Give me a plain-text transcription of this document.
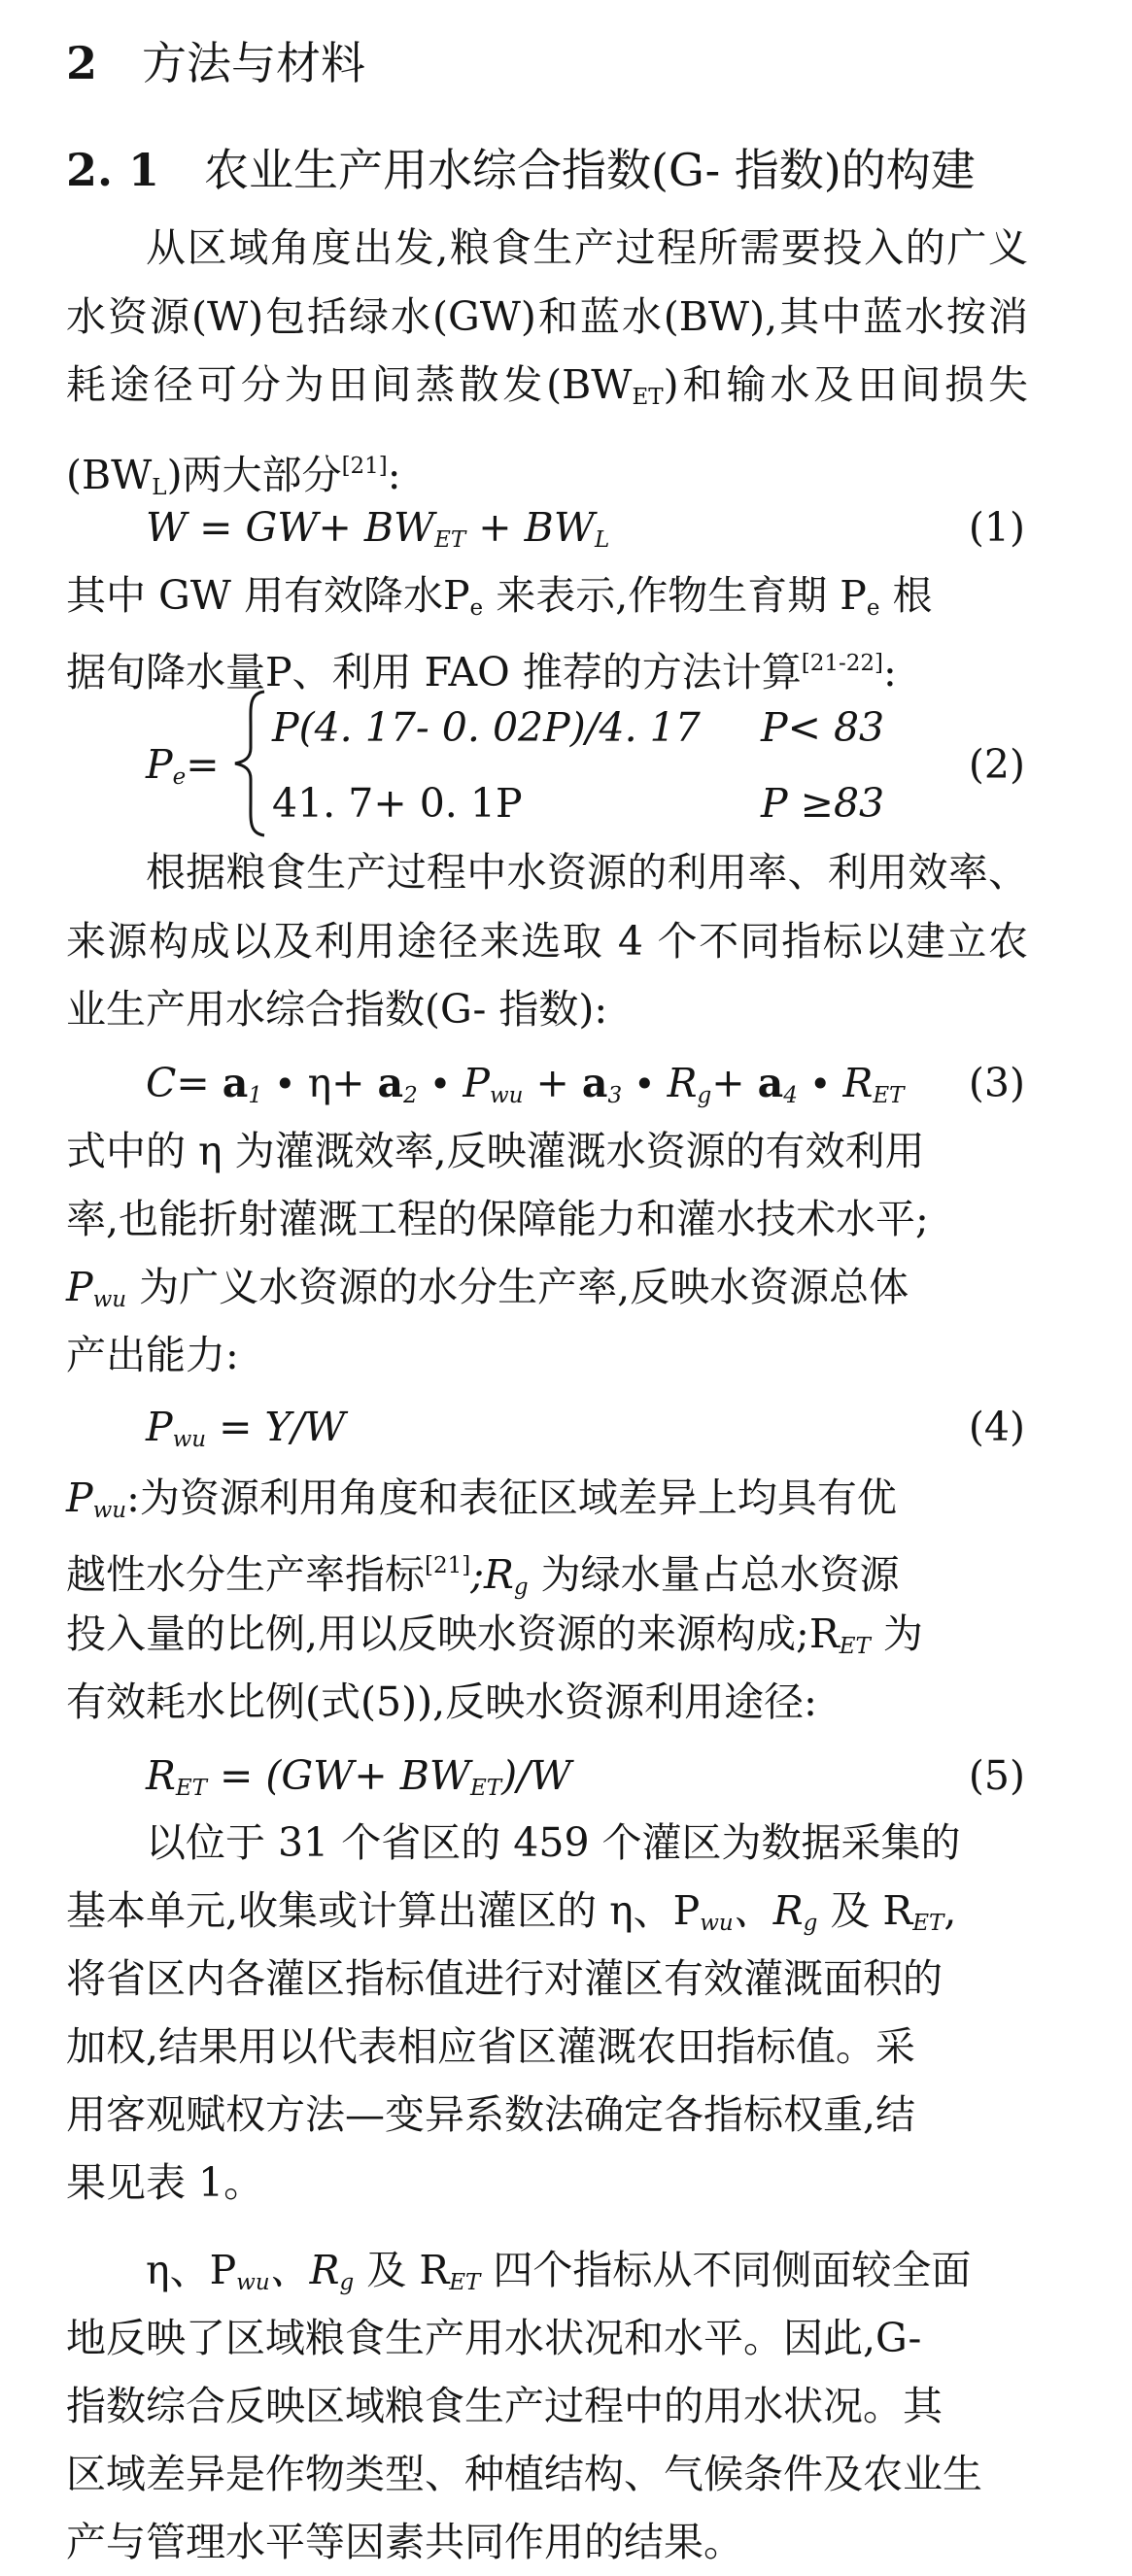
2 方法与材料
2. 1 农业生产用水综合指数(G- 指数)的构建

从区域角度出发,粮食生产过程所需要投入的广义水资源(W)包括绿水(GW)和蓝水(BW),其中蓝水按消耗途径可分为田间蒸散发$(BW_{ET})$和输水及田间损失$(BW_L)$两大部分[21]:

$W = GW+ BW_{ET} + BW_L$	(1)
其中 GW 用有效降水$P_e$ 来表示,作物生育期 $P_e$ 根
据旬降水量P、利用 FAO 推荐的方法计算[21-22]:
$P_e=$
P(4. 17- 0. 02P)/4. 17 P< 83
41. 7+ 0. 1P	P ≥83
(2)

根据粮食生产过程中水资源的利用率、利用效率、来源构成以及利用途径来选取 4 个不同指标以建立农业生产用水综合指数(G- 指数):

$C= a_1$ • $\eta+ a_2$ • $P_{wu} + a_3$ • $R_g+ a_4$ • $R_{ET}$ (3)
式中的 η 为灌溉效率,反映灌溉水资源的有效利用
率,也能折射灌溉工程的保障能力和灌水技术水平;
$P_{wu}$ 为广义水资源的水分生产率,反映水资源总体
产出能力:
$P_{wu} = Y/W$	(4)
$P_{wu}$:为资源利用角度和表征区域差异上均具有优
越性水分生产率指标$[21];R_g$ 为绿水量占总水资源
投入量的比例,用以反映水资源的来源构成$;R_{ET}$ 为
有效耗水比例(式(5)),反映水资源利用途径:
$R_{ET} = (GW+ BW_{ET})/W$	(5)
以位于 31 个省区的 459 个灌区为数据采集的
基本单元,收集或计算出灌区的 η、$P_{wu}$、$R_g$ 及 $R_{ET}$,
将省区内各灌区指标值进行对灌区有效灌溉面积的
加权,结果用以代表相应省区灌溉农田指标值。采
用客观赋权方法—变异系数法确定各指标权重,结
果见表 1。
η、$P_{wu}$、$R_g$ 及 $R_{ET}$ 四个指标从不同侧面较全面
地反映了区域粮食生产用水状况和水平。因此,G-
指数综合反映区域粮食生产过程中的用水状况。其
区域差异是作物类型、种植结构、气候条件及农业生
产与管理水平等因素共同作用的结果。
